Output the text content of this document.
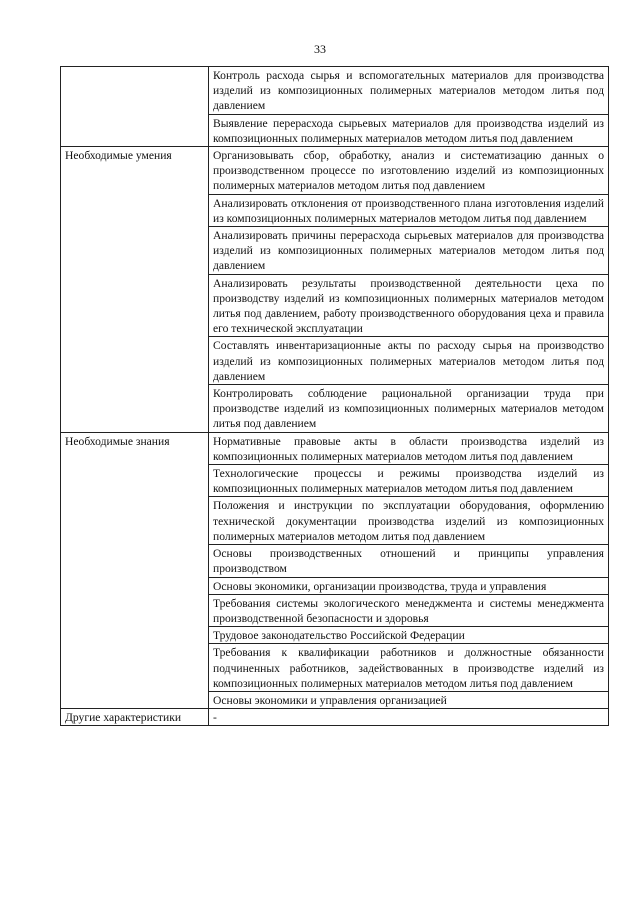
33
	Контроль расхода сырья и вспомогательных материалов для производства изделий из композиционных полимерных материалов методом литья под давлением
	Выявление перерасхода сырьевых материалов для производства изделий из композиционных полимерных материалов методом литья под давлением
Необходимые умения	Организовывать сбор, обработку, анализ и систематизацию данных о производственном процессе по изготовлению изделий из композиционных полимерных материалов методом литья под давлением
	Анализировать отклонения от производственного плана изготовления изделий из композиционных полимерных материалов методом литья под давлением
	Анализировать причины перерасхода сырьевых материалов для производства изделий из композиционных полимерных материалов методом литья под давлением
	Анализировать результаты производственной деятельности цеха по производству изделий из композиционных полимерных материалов методом литья под давлением, работу производственного оборудования цеха и правила его технической эксплуатации
	Составлять инвентаризационные акты по расходу сырья на производство изделий из композиционных полимерных материалов методом литья под давлением
	Контролировать соблюдение рациональной организации труда при производстве изделий из композиционных полимерных материалов методом литья под давлением
Необходимые знания	Нормативные правовые акты в области производства изделий из композиционных полимерных материалов методом литья под давлением
	Технологические процессы и режимы производства изделий из композиционных полимерных материалов методом литья под давлением
	Положения и инструкции по эксплуатации оборудования, оформлению технической документации производства изделий из композиционных полимерных материалов методом литья под давлением
	Основы производственных отношений и принципы управления производством
	Основы экономики, организации производства, труда и управления
	Требования системы экологического менеджмента и системы менеджмента производственной безопасности и здоровья
	Трудовое законодательство Российской Федерации
	Требования к квалификации работников и должностные обязанности подчиненных работников, задействованных в производстве изделий из композиционных полимерных материалов методом литья под давлением
	Основы экономики и управления организацией
Другие характеристики	-
